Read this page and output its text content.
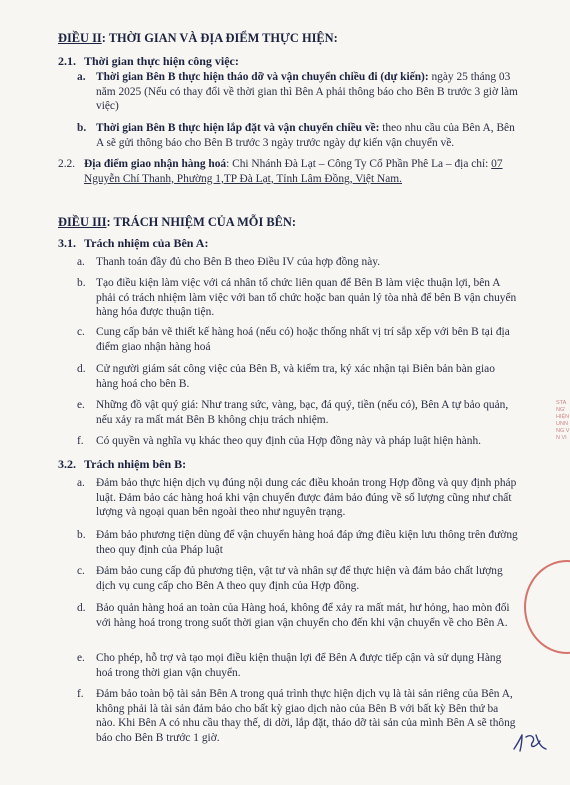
ĐIỀU II: THỜI GIAN VÀ ĐỊA ĐIỂM THỰC HIỆN:
2.1. Thời gian thực hiện công việc:
a. Thời gian Bên B thực hiện tháo dỡ và vận chuyển chiều đi (dự kiến): ngày 25 tháng 03 năm 2025 (Nếu có thay đổi về thời gian thì Bên A phải thông báo cho Bên B trước 3 giờ làm việc)
b. Thời gian Bên B thực hiện lắp đặt và vận chuyển chiều về: theo nhu cầu của Bên A, Bên A sẽ gửi thông báo cho Bên B trước 3 ngày trước ngày dự kiến vận chuyển về.
2.2. Địa điểm giao nhận hàng hoá: Chi Nhánh Đà Lạt – Công Ty Cổ Phần Phê La – địa chỉ: 07 Nguyễn Chí Thanh, Phường 1,TP Đà Lạt, Tỉnh Lâm Đồng, Việt Nam.
ĐIỀU III: TRÁCH NHIỆM CỦA MỖI BÊN:
3.1. Trách nhiệm của Bên A:
a. Thanh toán đầy đủ cho Bên B theo Điều IV của hợp đồng này.
b. Tạo điều kiện làm việc với cá nhân tổ chức liên quan để Bên B làm việc thuận lợi, bên A phải có trách nhiệm làm việc với ban tổ chức hoặc ban quản lý tòa nhà để bên B vận chuyển hàng hóa được thuận tiện.
c. Cung cấp bản vẽ thiết kế hàng hoá (nếu có) hoặc thống nhất vị trí sắp xếp với bên B tại địa điểm giao nhận hàng hoá
d. Cử người giám sát công việc của Bên B, và kiểm tra, ký xác nhận tại Biên bản bàn giao hàng hoá cho bên B.
e. Những đồ vật quý giá: Như trang sức, vàng, bạc, đá quý, tiền (nếu có), Bên A tự bảo quản, nếu xảy ra mất mát Bên B không chịu trách nhiệm.
f. Có quyền và nghĩa vụ khác theo quy định của Hợp đồng này và pháp luật hiện hành.
3.2. Trách nhiệm bên B:
a. Đảm bảo thực hiện dịch vụ đúng nội dung các điều khoản trong Hợp đồng và quy định pháp luật. Đảm bảo các hàng hoá khi vận chuyển được đảm bảo đúng về số lượng cũng như chất lượng và ngoại quan bên ngoài theo như nguyên trạng.
b. Đảm bảo phương tiện dùng để vận chuyển hàng hoá đáp ứng điều kiện lưu thông trên đường theo quy định của Pháp luật
c. Đảm bảo cung cấp đủ phương tiện, vật tư và nhân sự để thực hiện và đảm bảo chất lượng dịch vụ cung cấp cho Bên A theo quy định của Hợp đồng.
d. Bảo quản hàng hoá an toàn của Hàng hoá, không để xảy ra mất mát, hư hỏng, hao mòn đối với hàng hoá trong trong suốt thời gian vận chuyển cho đến khi vận chuyển về cho Bên A.
e. Cho phép, hỗ trợ và tạo mọi điều kiện thuận lợi để Bên A được tiếp cận và sử dụng Hàng hoá trong thời gian vận chuyển.
f. Đảm bảo toàn bộ tài sản Bên A trong quá trình thực hiện dịch vụ là tài sản riêng của Bên A, không phải là tài sản đảm bảo cho bất kỳ giao dịch nào của Bên B với bất kỳ Bên thứ ba nào. Khi Bên A có nhu cầu thay thế, di dời, lắp đặt, tháo dỡ tài sản của mình Bên A sẽ thông báo cho Bên B trước 1 giờ.
STA NG' HIỆN UNN NG V N VI
